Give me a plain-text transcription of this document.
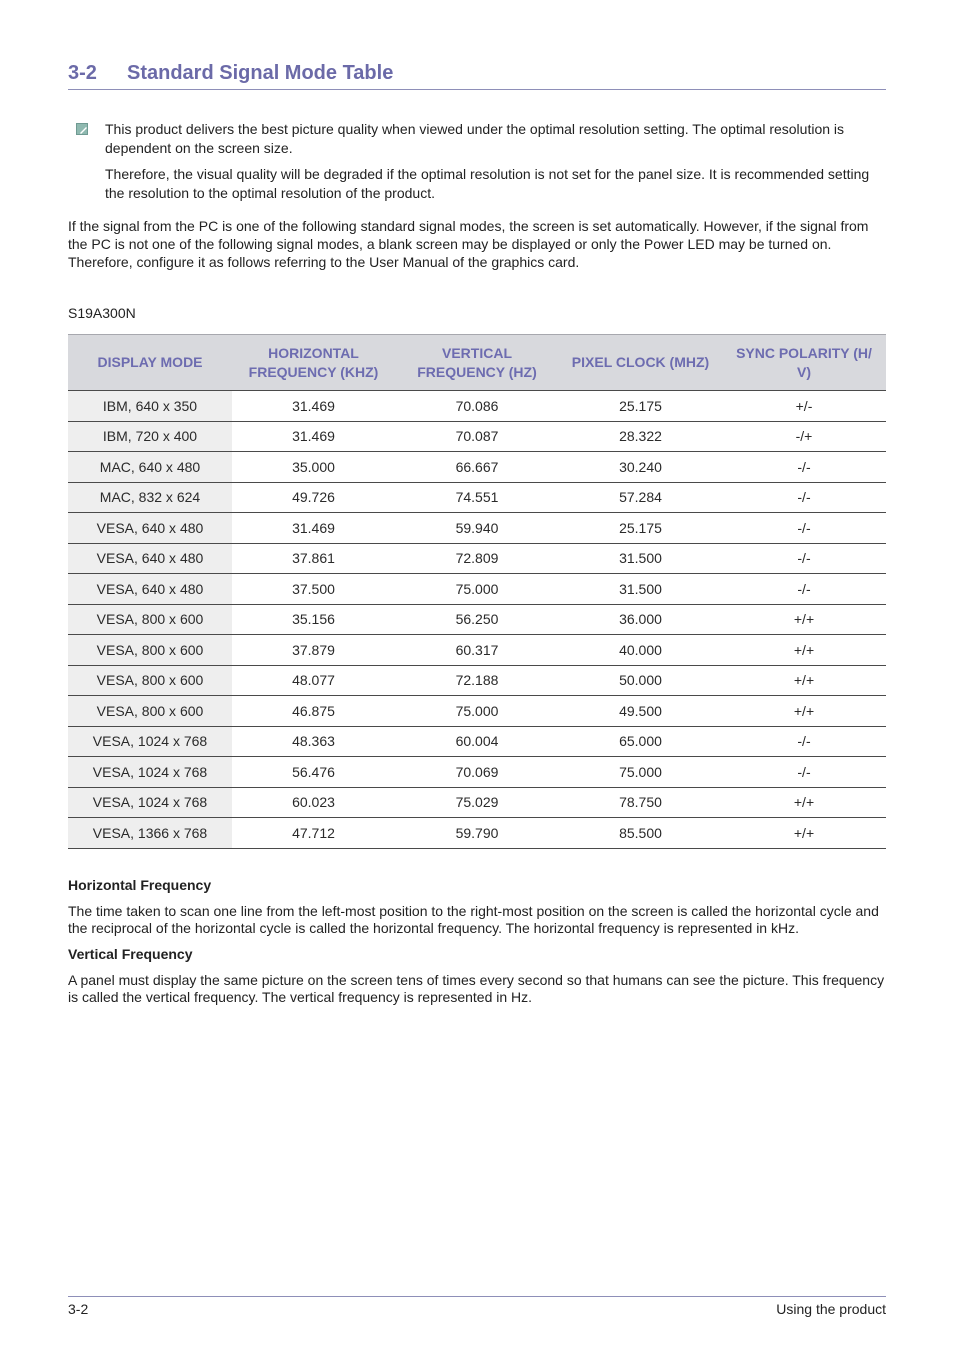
3-2 Standard Signal Mode Table

This product delivers the best picture quality when viewed under the optimal resolution setting. The optimal resolution is dependent on the screen size.

Therefore, the visual quality will be degraded if the optimal resolution is not set for the panel size. It is recommended setting the resolution to the optimal resolution of the product.

If the signal from the PC is one of the following standard signal modes, the screen is set automatically. However, if the signal from the PC is not one of the following signal modes, a blank screen may be displayed or only the Power LED may be turned on. Therefore, configure it as follows referring to the User Manual of the graphics card.

S19A300N

DISPLAY MODE	HORIZONTAL FREQUENCY (KHZ)	VERTICAL FREQUENCY (HZ)	PIXEL CLOCK (MHZ)	SYNC POLARITY (H/ V)
IBM, 640 x 350	31.469	70.086	25.175	+/-
IBM, 720 x 400	31.469	70.087	28.322	-/+
MAC, 640 x 480	35.000	66.667	30.240	-/-
MAC, 832 x 624	49.726	74.551	57.284	-/-
VESA, 640 x 480	31.469	59.940	25.175	-/-
VESA, 640 x 480	37.861	72.809	31.500	-/-
VESA, 640 x 480	37.500	75.000	31.500	-/-
VESA, 800 x 600	35.156	56.250	36.000	+/+
VESA, 800 x 600	37.879	60.317	40.000	+/+
VESA, 800 x 600	48.077	72.188	50.000	+/+
VESA, 800 x 600	46.875	75.000	49.500	+/+
VESA, 1024 x 768	48.363	60.004	65.000	-/-
VESA, 1024 x 768	56.476	70.069	75.000	-/-
VESA, 1024 x 768	60.023	75.029	78.750	+/+
VESA, 1366 x 768	47.712	59.790	85.500	+/+

Horizontal Frequency

The time taken to scan one line from the left-most position to the right-most position on the screen is called the horizontal cycle and the reciprocal of the horizontal cycle is called the horizontal frequency. The horizontal frequency is represented in kHz.

Vertical Frequency

A panel must display the same picture on the screen tens of times every second so that humans can see the picture. This frequency is called the vertical frequency. The vertical frequency is represented in Hz.

3-2	Using the product
